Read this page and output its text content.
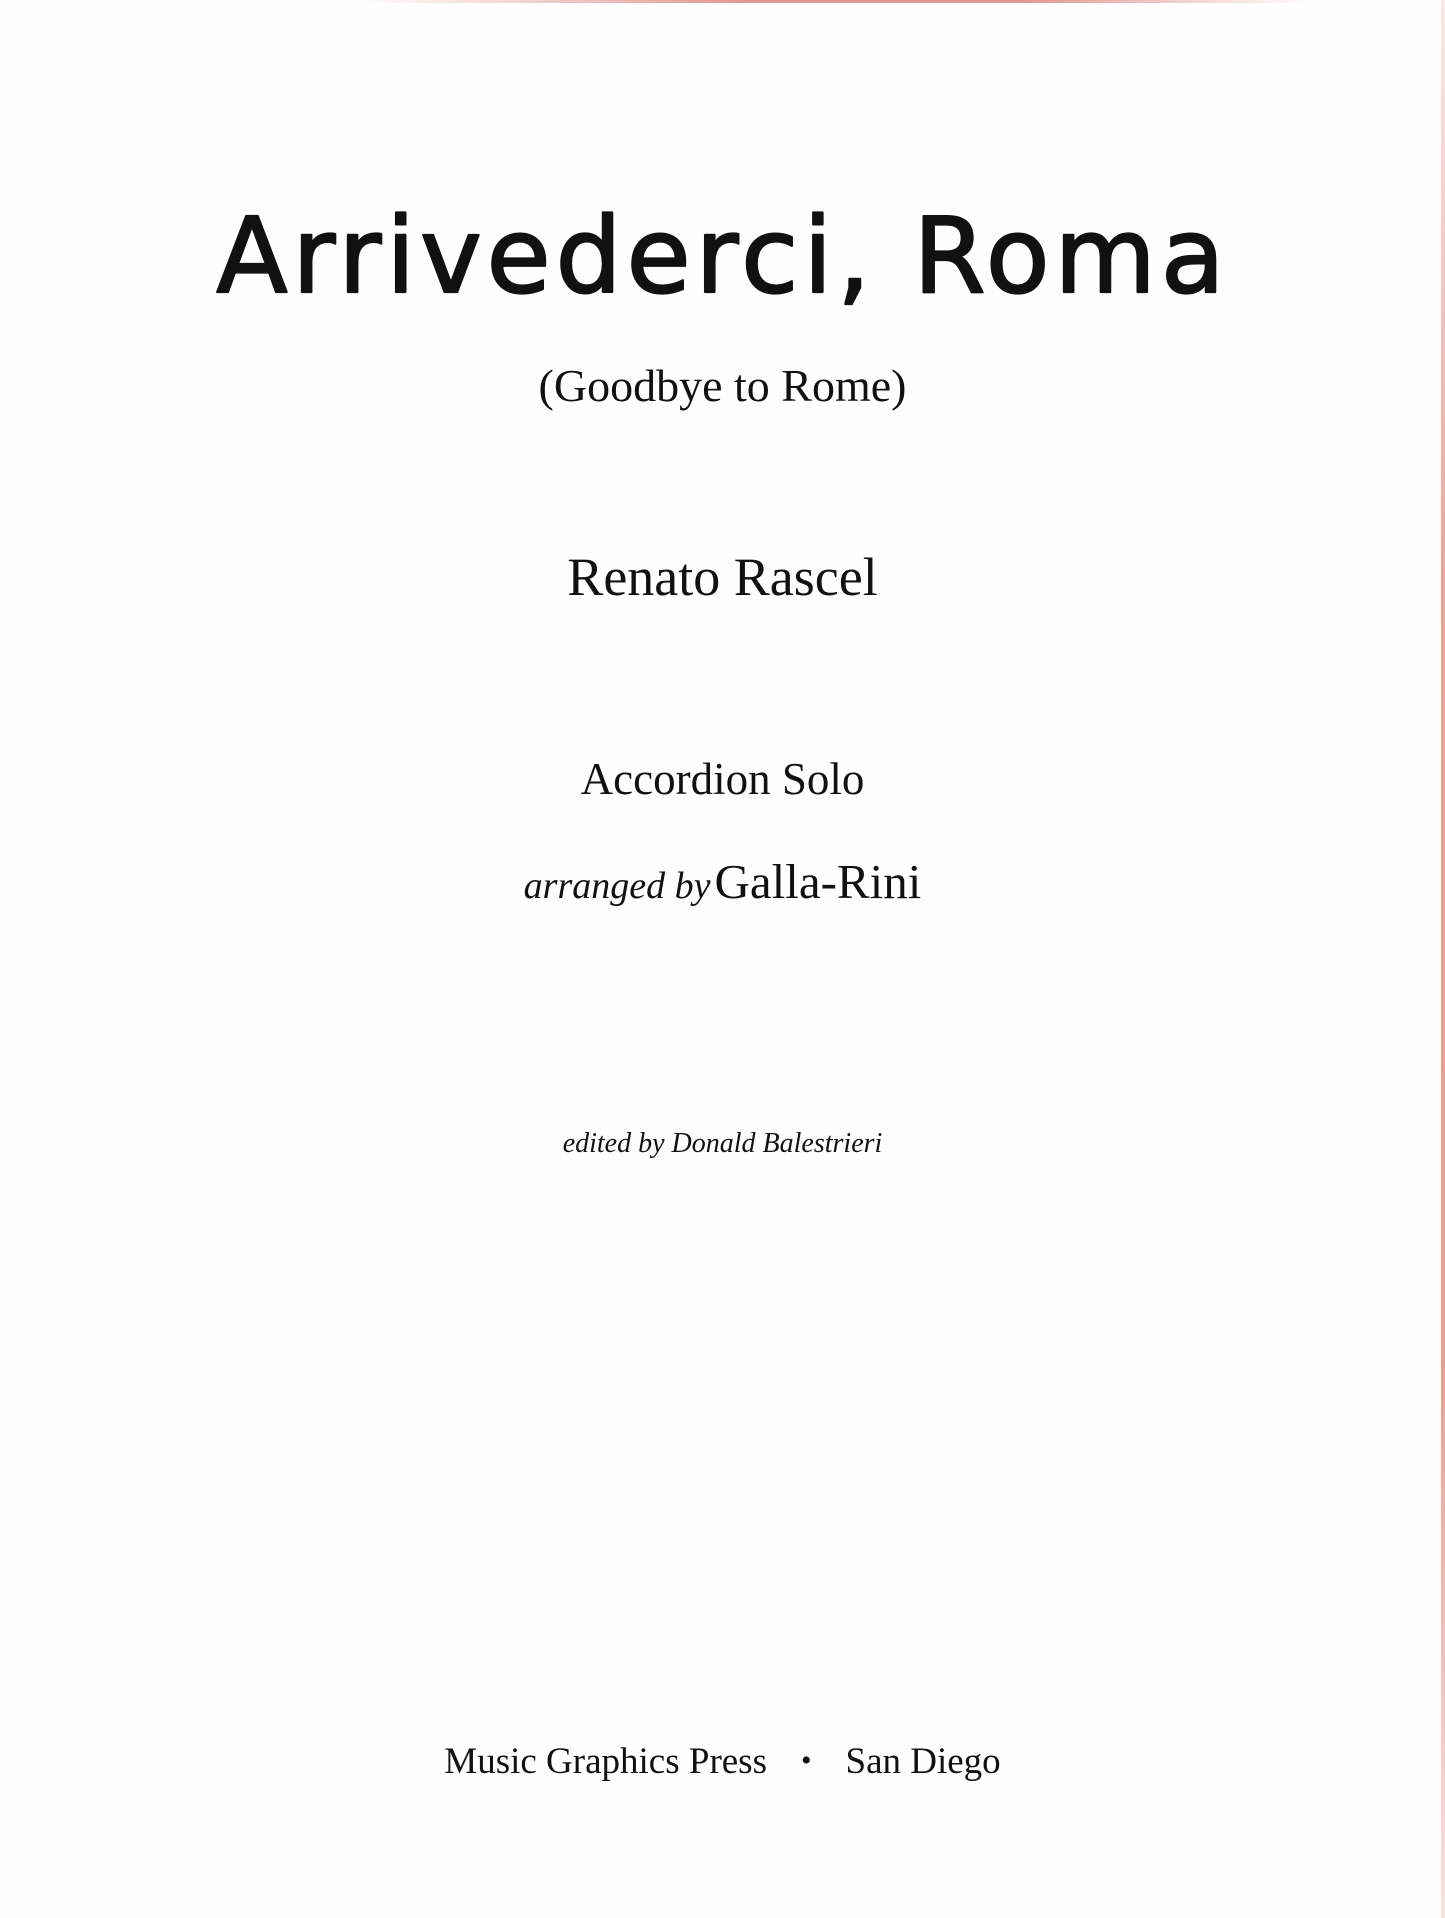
Arrivederci, Roma
(Goodbye to Rome)
Renato Rascel
Accordion Solo
arranged by Galla-Rini
edited by Donald Balestrieri
Music Graphics Press • San Diego
